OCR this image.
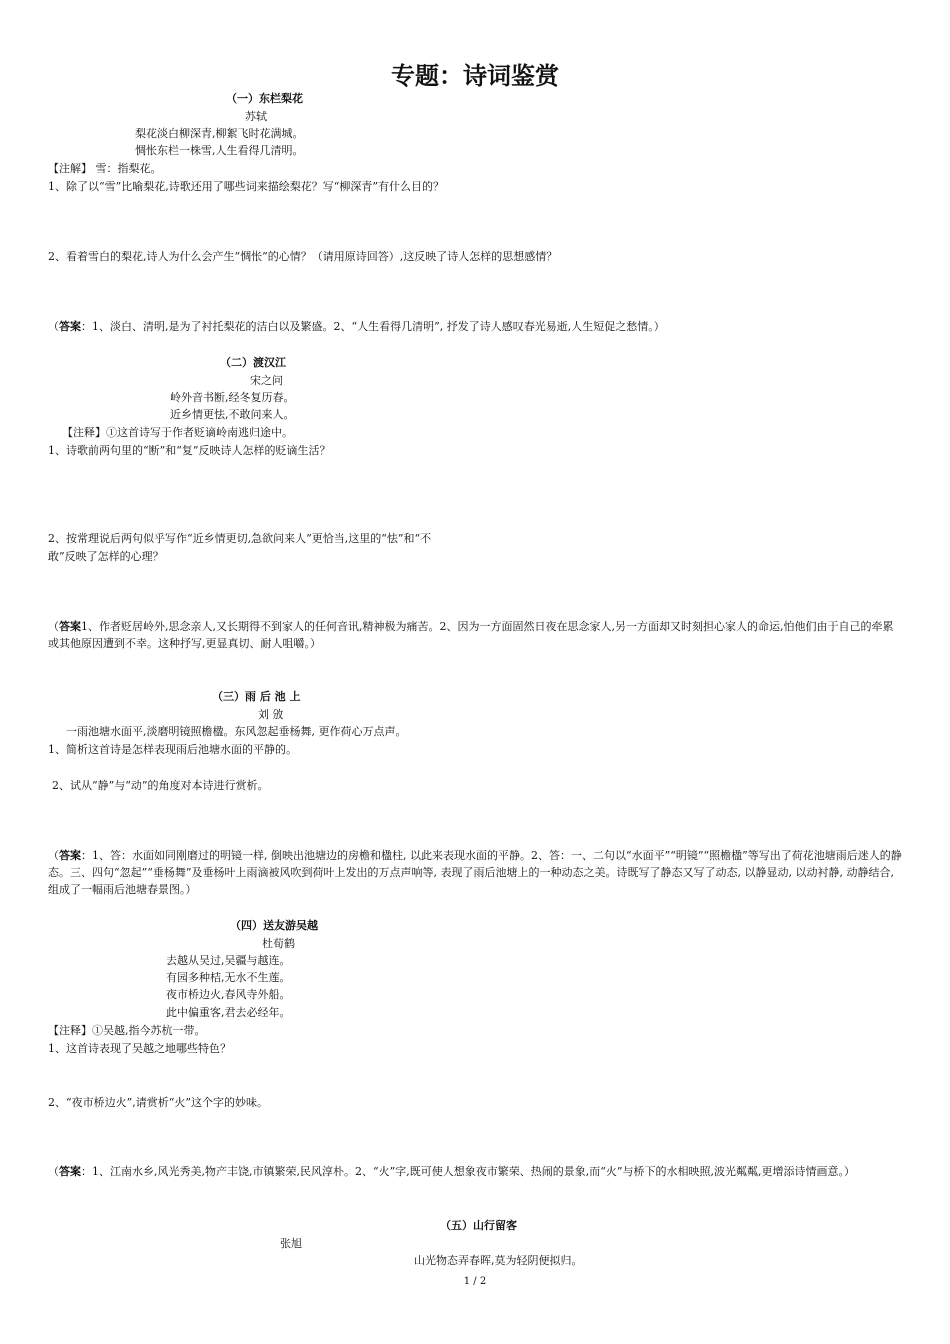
专题：诗词鉴赏
（一）东栏梨花
苏轼
梨花淡白柳深青,柳絮飞时花满城。
惆怅东栏一株雪,人生看得几清明。
【注解】 雪：指梨花。
1、除了以“雪”比喻梨花,诗歌还用了哪些词来描绘梨花？写“柳深青”有什么目的？
2、看着雪白的梨花,诗人为什么会产生“惆怅”的心情？（请用原诗回答）,这反映了诗人怎样的思想感情？
（答案：1、淡白、清明,是为了衬托梨花的洁白以及繁盛。2、“人生看得几清明”, 抒发了诗人感叹春光易逝,人生短促之愁情。）
（二）渡汉江
宋之问
岭外音书断,经冬复历春。
近乡情更怯,不敢问来人。
【注释】①这首诗写于作者贬谪岭南逃归途中。
1、诗歌前两句里的“断”和“复”反映诗人怎样的贬谪生活？
2、按常理说后两句似乎写作“近乡情更切,急欲问来人”更恰当,这里的“怯”和“不
敢”反映了怎样的心理？
（答案1、作者贬居岭外,思念亲人,又长期得不到家人的任何音讯,精神极为痛苦。2、因为一方面固然日夜在思念家人,另一方面却又时刻担心家人的命运,怕他们由于自己的牵累或其他原因遭到不幸。这种抒写,更显真切、耐人咀嚼。）
（三）雨 后 池 上
刘 攽
一雨池塘水面平,淡磨明镜照檐楹。东风忽起垂杨舞, 更作荷心万点声。
1、简析这首诗是怎样表现雨后池塘水面的平静的。
2、试从“静”与“动”的角度对本诗进行赏析。
（答案：1、答：水面如同刚磨过的明镜一样, 倒映出池塘边的房檐和楹柱, 以此来表现水面的平静。2、答：一、二句以“水面平”“明镜”“照檐楹”等写出了荷花池塘雨后迷人的静态。三、四句“忽起”“垂杨舞”及垂杨叶上雨滴被风吹到荷叶上发出的万点声响等, 表现了雨后池塘上的一种动态之美。诗既写了静态又写了动态, 以静显动, 以动衬静, 动静结合, 组成了一幅雨后池塘春景图。）
（四）送友游吴越
杜荀鹤
去越从吴过,吴疆与越连。
有园多种桔,无水不生莲。
夜市桥边火,春风寺外船。
此中偏重客,君去必经年。
【注释】①吴越,指今苏杭一带。
1、这首诗表现了吴越之地哪些特色？
2、“夜市桥边火”,请赏析“火”这个字的妙味。
（答案：1、江南水乡,风光秀美,物产丰饶,市镇繁荣,民风淳朴。2、“火”字,既可使人想象夜市繁荣、热闹的景象,而“火”与桥下的水相映照,波光粼粼,更增添诗情画意。）
（五）山行留客
张旭
山光物态弄春晖,莫为轻阴便拟归。
1 / 2
